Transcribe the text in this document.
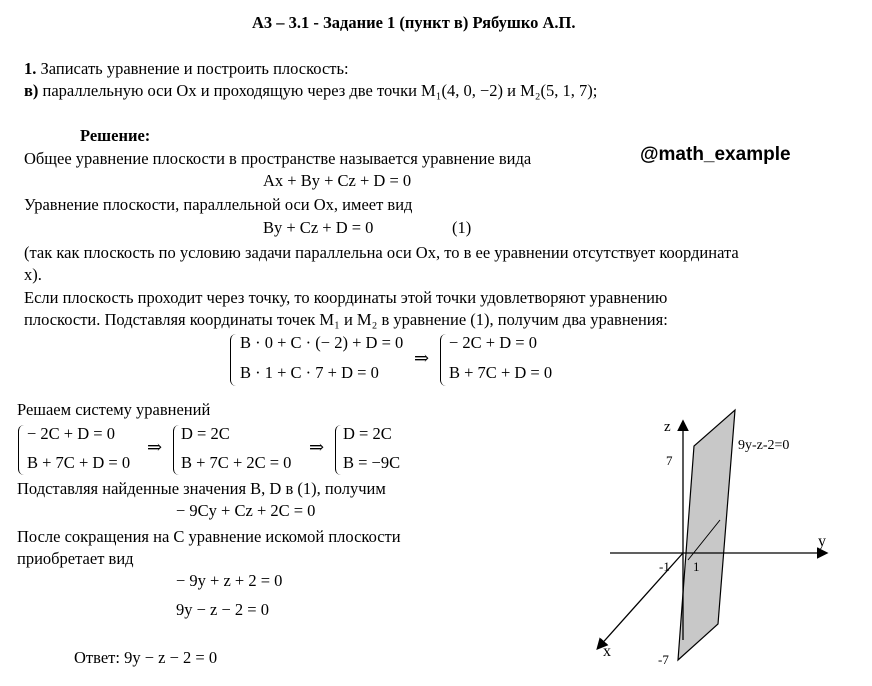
А3 – 3.1 - Задание 1 (пункт в) Рябушко А.П.
1. Записать уравнение и построить плоскость:
в) параллельную оси Ox и проходящую через две точки M₁(4, 0, −2) и M₂(5, 1, 7);
Решение:
Общее уравнение плоскости в пространстве называется уравнение вида	@math_example
Ax + By + Cz + D = 0
Уравнение плоскости, параллельной оси Ox, имеет вид
By + Cz + D = 0	(1)
(так как плоскость по условию задачи параллельна оси Ox, то в ее уравнении отсутствует координата
x).
Если плоскость проходит через точку, то координаты этой точки удовлетворяют уравнению
плоскости. Подставляя координаты точек M₁ и M₂ в уравнение (1), получим два уравнения:
B · 0 + C · (− 2) + D = 0
B · 1 + C · 7 + D = 0
⇒
− 2C + D = 0
B + 7C + D = 0
Решаем систему уравнений
− 2C + D = 0
B + 7C + D = 0
⇒
D = 2C
B + 7C + 2C = 0
⇒
D = 2C
B = −9C
Подставляя найденные значения B, D в (1), получим
− 9Cy + Cz + 2C = 0
После сокращения на C уравнение искомой плоскости
приобретает вид
− 9y + z + 2 = 0
9y − z − 2 = 0
Ответ: 9y − z − 2 = 0
z
y
x
7
-7
1
-1
9y-z-2=0
